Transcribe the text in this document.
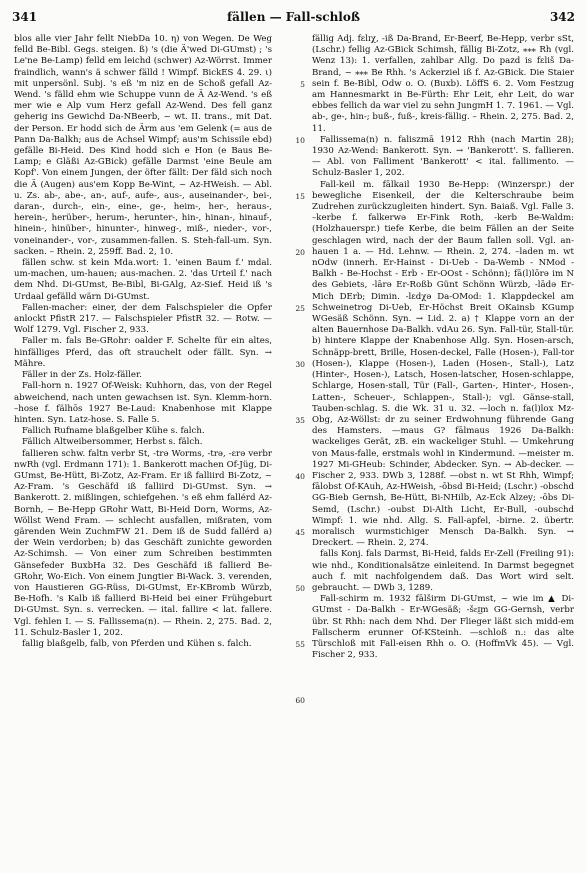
341	fällen — Fall-schloß	342

blos alle vier Jahr fellt NiebDa 10. η) von Wegen. De Weg felld Be-Bibl. Gegs. steigen. ß) 's (die Ä'wed Di-GUmst) ; 's Le'ne Be-Lamp) felld em leichd (schwer) Az-Wörrst. Immer fraindlich, wann's ä schwer fälld ! Wimpf. BickES 4. 29. ι) mit unpersönl. Subj. 's eß 'm niz en de Schoß gefall Az-Wend. 's fälld ehm wie Schuppe vunn de Ä Az-Wend. 's eß mer wie e Alp vum Herz gefall Az-Wend. Des fell ganz geherig ins Gewichd Da-NBeerb, ~ wt. II. trans., mit Dat. der Person. Er hodd sich de Ärm aus 'em Gelenk (= aus de Pann Da-Balkh; aus de Achsel Wimpf; aus'm Schissile ebd) gefälle Bi-Heid. Des Kind hodd sich e Hon (e Baus Be-Lamp; e Gläßi Az-GBick) gefälle Darmst 'eine Beule am Kopf'. Von einem Jungen, der öfter fällt: Der fäld sich noch die Ä (Augen) aus'em Kopp Be-Wint, ~ Az-HWeish. — Abl. u. Zs. ab-, abe-, an-, auf-, aufe-, aus-, auseinander-, bei-, daran-, durch-, ein-, eine-, ge-, heim-, her-, heraus-, herein-, herüber-, herum-, herunter-, hin-, hinan-, hinauf-, hinein-, hinüber-, hinunter-, hinweg-, miß-, nieder-, vor-, voneinander-, vor-, zusammen-fallen. S. Steh-fall-um. Syn. sacken. – Rhein. 2, 259ff. Bad. 2, 10.

fällen schw. st kein Mda.wort: 1. 'einen Baum f.' mdal. um-machen, um-hauen; aus-machen. 2. 'das Urteil f.' nach dem Nhd. Di-GUmst, Be-Bibl, Bi-GAlg, Az-Sief. Heid iß 's Urdaal gefälld wärn Di-GUmst.

Fallen-macher: einer, der dem Falschspieler die Opfer anlockt PfistR 217. — Falschspieler PfistR 32. — Rotw. — Wolf 1279. Vgl. Fischer 2, 933.

Faller m. fals Be-GRohr: oalder F. Schelte für ein altes, hinfälliges Pferd, das oft strauchelt oder fällt. Syn. → Mähre.

Fäller in der Zs. Holz-fäller.

Fall-horn n. 1927 Of-Weisk: Kuhhorn, das, von der Regel abweichend, nach unten gewachsen ist. Syn. Klemm-horn. –hose f. fälhōs 1927 Be-Laud: Knabenhose mit Klappe hinten. Syn. Latz-hose. S. Falle 5.

Fallich Rufname blaßgelber Kühe s. falch.

Fällich Altweibersommer, Herbst s. fälch.

fallieren schw. faltn verbr St, -trə Worms, -trə, -ɛrə verbr nwRh (vgl. Erdmann 171): 1. Bankerott machen Of-Jüg, Di-GUmst, Be-Hütt, Bi-Zotz, Az-Fram. Er iß falliird Bi-Zotz, ~ Az-Fram. 's Geschäfd iß falliird Di-GUmst. Syn. → Bankerott. 2. mißlingen, schiefgehen. 's eß ehm fallérd Az-Bornh, ~ Be-Hepp GRohr Watt, Bi-Heid Dorn, Worms, Az-Wöllst Wend Fram. — schlecht ausfallen, mißraten, vom gärenden Wein ZuchmFW 21. Dem iß de Sudd fallérd a) der Wein verdorben; b) das Geschäft zunichte geworden Az-Schimsh. — Von einer zum Schreiben bestimmten Gänsefeder BuxbHa 32. Des Geschäfd iß fallierd Be-GRohr, Wo-Eich. Von einem Jungtier Bi-Wack. 3. verenden, von Haustieren GG-Rüss, Di-GUmst, Er-KBromb Würzb, Be-Hofh. 's Kalb iß fallierd Bi-Heid bei einer Frühgeburt Di-GUmst. Syn. s. verrecken. — ital. fallire < lat. fallere. Vgl. fehlen I. — S. Fallissema(n). — Rhein. 2, 275. Bad. 2, 11. Schulz-Basler 1, 202.

fallig blaßgelb, falb, von Pferden und Kühen s. falch.

5
10
15
20
25
30
35
40
45
50
55
60

fällig Adj. fɛlɪχ, -iß Da-Brand, Er-Beerf, Be-Hepp, verbr sSt, (Lschr.) fellig Az-GBick Schimsh, fällig Bi-Zotz, ⁎⁎⁎ Rh (vgl. Wenz 13): 1. verfallen, zahlbar Allg. Do pazd is fɛliš Da-Brand, ~ ⁎⁎⁎ Be Rhh. 's Ackerziel iß f. Az-GBick. Die Staier sein f. Be-Bibl, Odw o. O. (Buxb). LöffS 6. 2. Vom Festzug am Hannesmarkt in Be-Fürth: Ehr Leit, ehr Leit, do war ebbes fellich da war viel zu sehn JungmH 1. 7. 1961. — Vgl. ab-, ge-, hin-; buß-, fuß-, kreis-fällig. – Rhein. 2, 275. Bad. 2, 11.

Fallissema(n) n. faliszmā 1912 Rhh (nach Martin 28); 1930 Az-Wend: Bankerott. Syn. → 'Bankerott'. S. fallieren. — Abl. von Falliment 'Bankerott' < ital. fallimento. — Schulz-Basler 1, 202.

Fall-keil m. fālkail 1930 Be-Hepp: (Winzerspr.) der bewegliche Eisenkeil, der die Kelterschraube beim Zudrehen zurückzugleiten hindert. Syn. Baiaß. Vgl. Falle 3. –kerbe f. falkerwə Er-Fink Roth, -kerb Be-Waldm: (Holzhauerspr.) tiefe Kerbe, die beim Fällen an der Seite geschlagen wird, nach der der Baum fallen soll. Vgl. an-hauen 1 a. — Hd. Lehnw. — Rhein. 2, 274. –laden m. wt nOdw (innerh. Er-Hainst - Di-Ueb - Da-Wemb - NMod - Balkh - Be-Hochst - Erb - Er-OOst - Schönn); fā(l)lōrə im N des Gebiets, -lārə Er-Roßb Günt Schönn Würzb, -lādə Er-Mich DErb; Dimin. -lɛdχə Da-OMod: 1. Klappdeckel am Schweinetrog Di-Ueb, Er-Höchst Breit OKainsb KGump WGesäß Schönn. Syn. → Lid. 2. a) † Klappe vorn an der alten Bauernhose Da-Balkh. vdAu 26. Syn. Fall-tür, Stall-tür. b) hintere Klappe der Knabenhose Allg. Syn. Hosen-arsch, Schnäpp-brett, Brille, Hosen-deckel, Falle (Hosen-), Fall-tor (Hosen-), Klappe (Hosen-), Laden (Hosen-, Stall-), Latz (Hinter-, Hosen-), Latsch, Hosen-latscher, Hosen-schlappe, Schlarge, Hosen-stall, Tür (Fall-, Garten-, Hinter-, Hosen-, Latten-, Scheuer-, Schlappen-, Stall-); vgl. Gänse-stall, Tauben-schlag. S. die Wk. 31 u. 32. —loch n. fa(l)lox Mz-Obg, Az-Wöllst: dr zu seiner Erdwohnung führende Gang des Hamsters. —maus G? fālmaus 1926 Da-Balkh: wackeliges Gerät, zB. ein wackeliger Stuhl. — Umkehrung von Maus-falle, erstmals wohl in Kindermund. —meister m. 1927 Mi-GHeub: Schinder, Abdecker. Syn. → Ab-decker. — Fischer 2, 933. DWb 3, 1288f. —obst n. wt St Rhh, Wimpf; fālobst Of-KAuh, Az-HWeish, -ōbsd Bi-Heid; (Lschr.) -obschd GG-Bieb Gernsh, Be-Hütt, Bi-NHilb, Az-Eck Alzey; -ōbs Di-Semd, (Lschr.) -oubst Di-Alth Licht, Er-Bull, -oubschd Wimpf: 1. wie nhd. Allg. S. Fall-apfel, -birne. 2. übertr. moralisch wurmstichiger Mensch Da-Balkh. Syn. → Dreckert. — Rhein. 2, 274.

falls Konj. fals Darmst, Bi-Heid, falds Er-Zell (Freiling 91): wie nhd., Konditionalsätze einleitend. In Darmst begegnet auch f. mit nachfolgendem daß. Das Wort wird selt. gebraucht. — DWb 3, 1289.

Fall-schirm m. 1932 fālširm Di-GUmst, ~ wie im ▲ Di-GUmst - Da-Balkh - Er-WGesäß; -šɛ͜ɪm GG-Gernsh, verbr übr. St Rhh: nach dem Nhd. Der Flieger läßt sich midd-em Fallscherm erunner Of-KSteinh. —schloß n.: das alte Türschloß mit Fall-eisen Rhh o. O. (HoffmVk 45). — Vgl. Fischer 2, 933.
